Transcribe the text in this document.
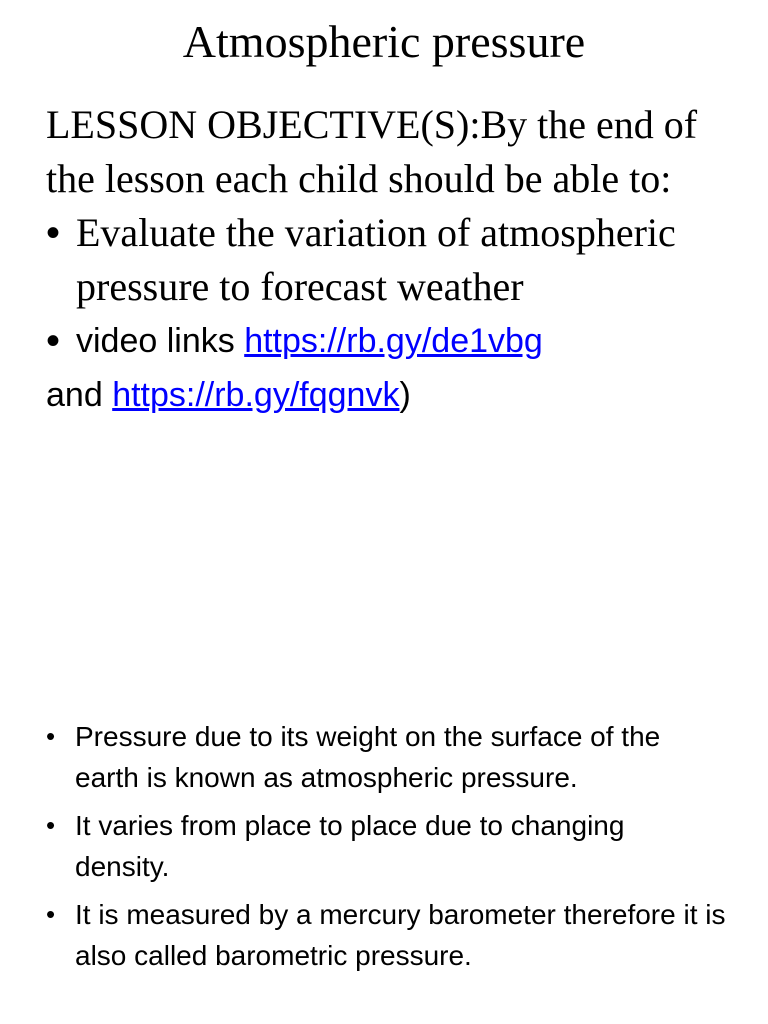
Atmospheric pressure

LESSON OBJECTIVE(S):By the end of the lesson each child should be able to:

• Evaluate the variation of atmospheric pressure to forecast weather
• video links https://rb.gy/de1vbg
and https://rb.gy/fqgnvk)
• Pressure due to its weight on the surface of the earth is known as atmospheric pressure.
• It varies from place to place due to changing density.
• It is measured by a mercury barometer therefore it is also called barometric pressure.
